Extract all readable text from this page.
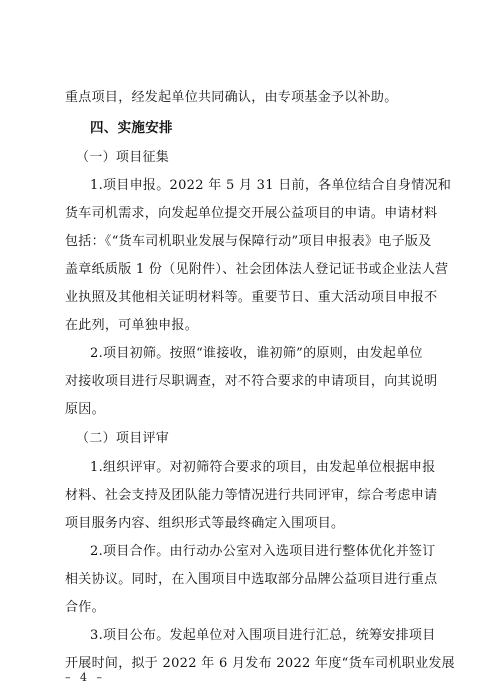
重点项目，经发起单位共同确认，由专项基金予以补助。
四、实施安排
（一）项目征集
1.项目申报。2022 年 5 月 31 日前，各单位结合自身情况和
货车司机需求，向发起单位提交开展公益项目的申请。申请材料
包括：《“货车司机职业发展与保障行动”项目申报表》电子版及
盖章纸质版 1 份（见附件）、社会团体法人登记证书或企业法人营
业执照及其他相关证明材料等。重要节日、重大活动项目申报不
在此列，可单独申报。
2.项目初筛。按照“谁接收，谁初筛”的原则，由发起单位
对接收项目进行尽职调查，对不符合要求的申请项目，向其说明
原因。
（二）项目评审
1.组织评审。对初筛符合要求的项目，由发起单位根据申报
材料、社会支持及团队能力等情况进行共同评审，综合考虑申请
项目服务内容、组织形式等最终确定入围项目。
2.项目合作。由行动办公室对入选项目进行整体优化并签订
相关协议。同时，在入围项目中选取部分品牌公益项目进行重点
合作。
3.项目公布。发起单位对入围项目进行汇总，统筹安排项目
开展时间，拟于 2022 年 6 月发布 2022 年度“货车司机职业发展
– 4 –
